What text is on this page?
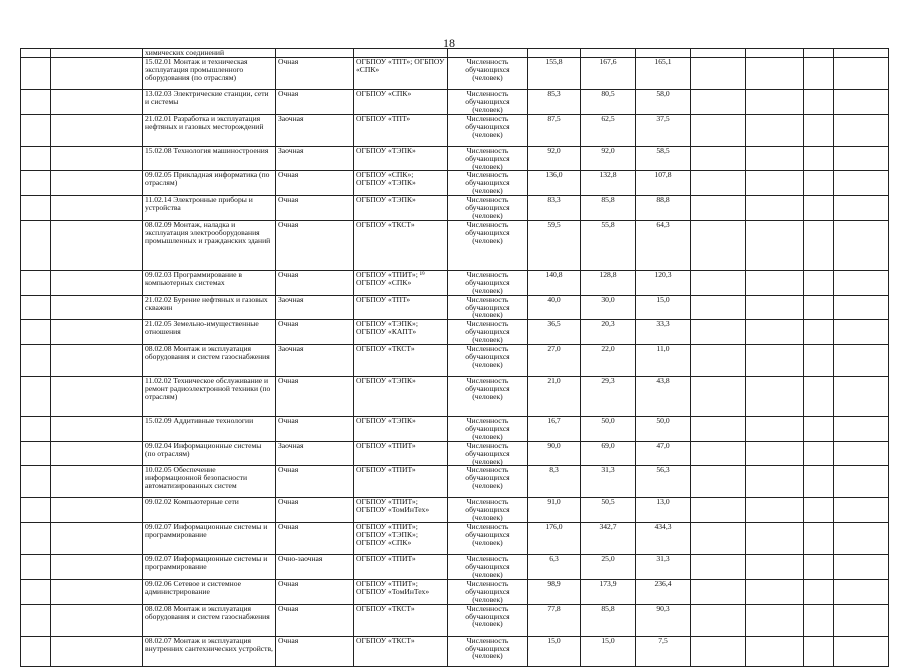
18
		химических соединений										
		15.02.01 Монтаж и техническая эксплуатация промышленного оборудования (по отраслям)	Очная	ОГБПОУ «ТПТ»; ОГБПОУ «СПК»	Численность обучающихся (человек)	155,8	167,6	165,1				
		13.02.03 Электрические станции, сети и системы	Очная	ОГБПОУ «СПК»	Численность обучающихся (человек)	85,3	80,5	58,0				
		21.02.01 Разработка и эксплуатация нефтяных и газовых месторождений	Заочная	ОГБПОУ «ТПТ»	Численность обучающихся (человек)	87,5	62,5	37,5				
		15.02.08 Технология машиностроения	Заочная	ОГБПОУ «ТЭПК»	Численность обучающихся (человек)	92,0	92,0	58,5				
		09.02.05 Прикладная информатика (по отраслям)	Очная	ОГБПОУ «СПК»; ОГБПОУ «ТЭПК»	Численность обучающихся (человек)	136,0	132,8	107,8				
		11.02.14 Электронные приборы и устройства	Очная	ОГБПОУ «ТЭПК»	Численность обучающихся (человек)	83,3	85,8	88,8				
		08.02.09 Монтаж, наладка и эксплуатация электрооборудования промышленных и гражданских зданий	Очная	ОГБПОУ «ТКСТ»	Численность обучающихся (человек)	59,5	55,8	64,3				
		09.02.03 Программирование в компьютерных системах	Очная	ОГБПОУ «ТПИТ»; ¹⁹ ОГБПОУ «СПК»	Численность обучающихся (человек)	140,8	128,8	120,3				
		21.02.02 Бурение нефтяных и газовых скважин	Заочная	ОГБПОУ «ТПТ»	Численность обучающихся (человек)	40,0	30,0	15,0				
		21.02.05 Земельно-имущественные отношения	Очная	ОГБПОУ «ТЭПК»; ОГБПОУ «КАПТ»	Численность обучающихся (человек)	36,5	20,3	33,3				
		08.02.08 Монтаж и эксплуатация оборудования и систем газоснабжения	Заочная	ОГБПОУ «ТКСТ»	Численность обучающихся (человек)	27,0	22,0	11,0				
		11.02.02 Техническое обслуживание и ремонт радиоэлектронной техники (по отраслям)	Очная	ОГБПОУ «ТЭПК»	Численность обучающихся (человек)	21,0	29,3	43,8				
		15.02.09 Аддитивные технологии	Очная	ОГБПОУ «ТЭПК»	Численность обучающихся (человек)	16,7	50,0	50,0				
		09.02.04 Информационные системы (по отраслям)	Заочная	ОГБПОУ «ТПИТ»	Численность обучающихся (человек)	90,0	69,0	47,0				
		10.02.05 Обеспечение информационной безопасности автоматизированных систем	Очная	ОГБПОУ «ТПИТ»	Численность обучающихся (человек)	8,3	31,3	56,3				
		09.02.02 Компьютерные сети	Очная	ОГБПОУ «ТПИТ»; ОГБПОУ «ТомИнТех»	Численность обучающихся (человек)	91,0	50,5	13,0				
		09.02.07 Информационные системы и программирование	Очная	ОГБПОУ «ТПИТ»; ОГБПОУ «ТЭПК»; ОГБПОУ «СПК»	Численность обучающихся (человек)	176,0	342,7	434,3				
		09.02.07 Информационные системы и программирование	Очно-заочная	ОГБПОУ «ТПИТ»	Численность обучающихся (человек)	6,3	25,0	31,3				
		09.02.06 Сетевое и системное администрирование	Очная	ОГБПОУ «ТПИТ»; ОГБПОУ «ТомИнТех»	Численность обучающихся (человек)	98,9	173,9	236,4				
		08.02.08 Монтаж и эксплуатация оборудования и систем газоснабжения	Очная	ОГБПОУ «ТКСТ»	Численность обучающихся (человек)	77,8	85,8	90,3				
		08.02.07 Монтаж и эксплуатация внутренних сантехнических устройств,	Очная	ОГБПОУ «ТКСТ»	Численность обучающихся (человек)	15,0	15,0	7,5				
